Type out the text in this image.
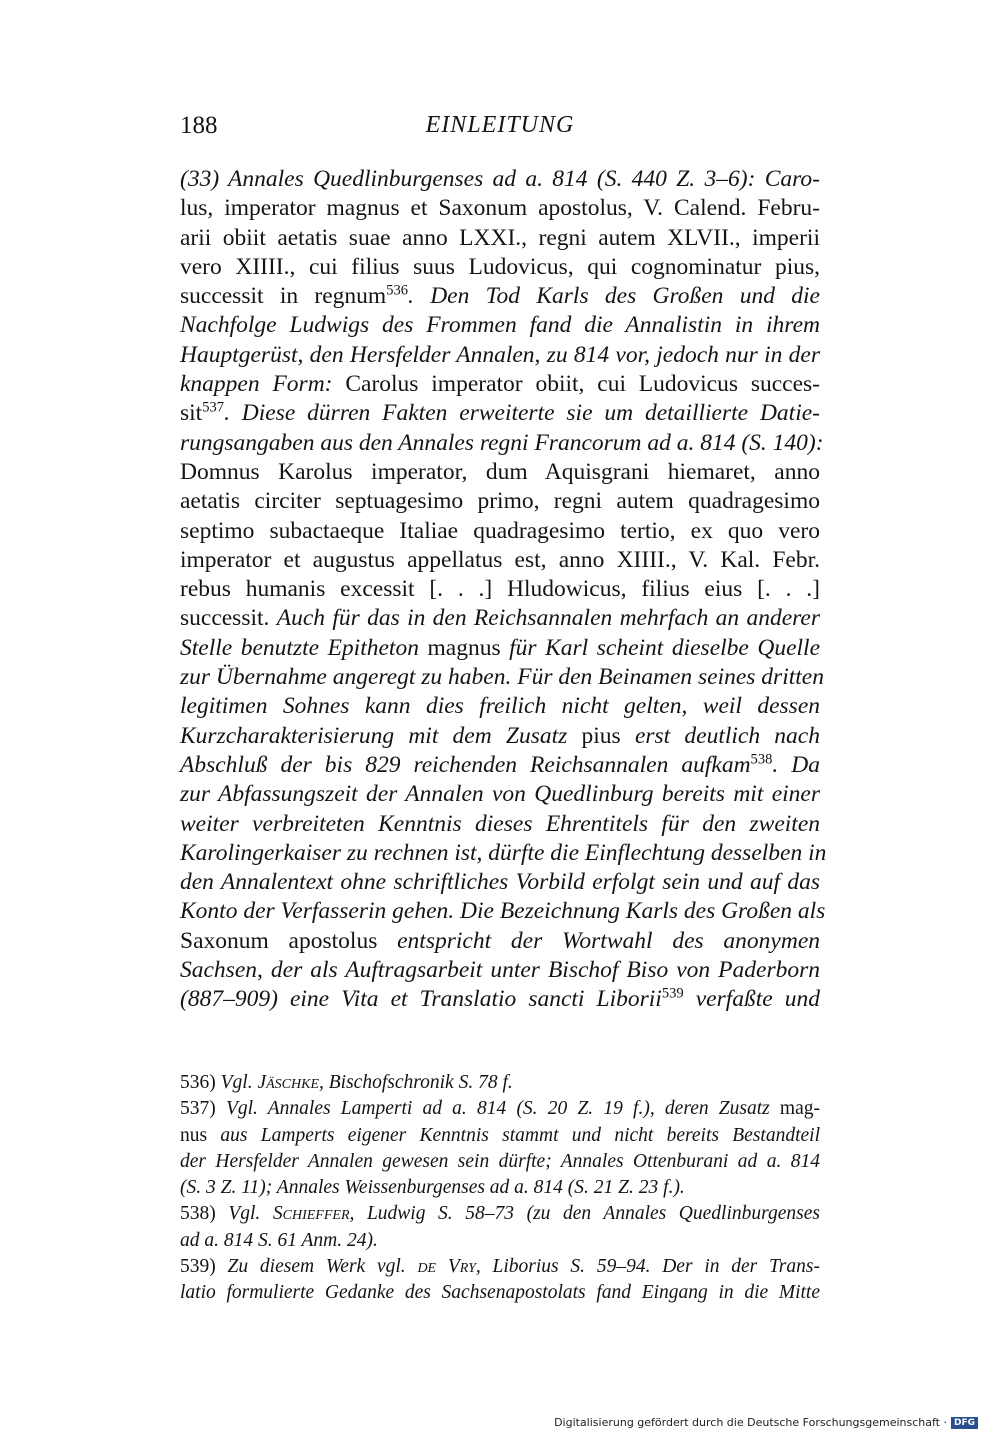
188	EINLEITUNG
(33) Annales Quedlinburgenses ad a. 814 (S. 440 Z. 3–6): Caro-
lus, imperator magnus et Saxonum apostolus, V. Calend. Febru-
arii obiit aetatis suae anno LXXI., regni autem XLVII., imperii
vero XIIII., cui filius suus Ludovicus, qui cognominatur pius,
successit in regnum$^{536}$. Den Tod Karls des Großen und die
Nachfolge Ludwigs des Frommen fand die Annalistin in ihrem
Hauptgerüst, den Hersfelder Annalen, zu 814 vor, jedoch nur in der
knappen Form: Carolus imperator obiit, cui Ludovicus succes-
sit$^{537}$. Diese dürren Fakten erweiterte sie um detaillierte Datie-
rungsangaben aus den Annales regni Francorum ad a. 814 (S. 140):
Domnus Karolus imperator, dum Aquisgrani hiemaret, anno
aetatis circiter septuagesimo primo, regni autem quadragesimo
septimo subactaeque Italiae quadragesimo tertio, ex quo vero
imperator et augustus appellatus est, anno XIIII., V. Kal. Febr.
rebus humanis excessit [. . .] Hludowicus, filius eius [. . .]
successit. Auch für das in den Reichsannalen mehrfach an anderer
Stelle benutzte Epitheton magnus für Karl scheint dieselbe Quelle
zur Übernahme angeregt zu haben. Für den Beinamen seines dritten
legitimen Sohnes kann dies freilich nicht gelten, weil dessen
Kurzcharakterisierung mit dem Zusatz pius erst deutlich nach
Abschluß der bis 829 reichenden Reichsannalen aufkam$^{538}$. Da
zur Abfassungszeit der Annalen von Quedlinburg bereits mit einer
weiter verbreiteten Kenntnis dieses Ehrentitels für den zweiten
Karolingerkaiser zu rechnen ist, dürfte die Einflechtung desselben in
den Annalentext ohne schriftliches Vorbild erfolgt sein und auf das
Konto der Verfasserin gehen. Die Bezeichnung Karls des Großen als
Saxonum apostolus entspricht der Wortwahl des anonymen
Sachsen, der als Auftragsarbeit unter Bischof Biso von Paderborn
(887–909) eine Vita et Translatio sancti Liborii$^{539}$ verfaßte und
536) Vgl. Jäschke, Bischofschronik S. 78 f.
537) Vgl. Annales Lamperti ad a. 814 (S. 20 Z. 19 f.), deren Zusatz mag-
nus aus Lamperts eigener Kenntnis stammt und nicht bereits Bestandteil
der Hersfelder Annalen gewesen sein dürfte; Annales Ottenburani ad a. 814
(S. 3 Z. 11); Annales Weissenburgenses ad a. 814 (S. 21 Z. 23 f.).
538) Vgl. Schieffer, Ludwig S. 58–73 (zu den Annales Quedlinburgenses
ad a. 814 S. 61 Anm. 24).
539) Zu diesem Werk vgl. de Vry, Liborius S. 59–94. Der in der Trans-
latio formulierte Gedanke des Sachsenapostolats fand Eingang in die Mitte
Digitalisierung gefördert durch die Deutsche Forschungsgemeinschaft · DFG
